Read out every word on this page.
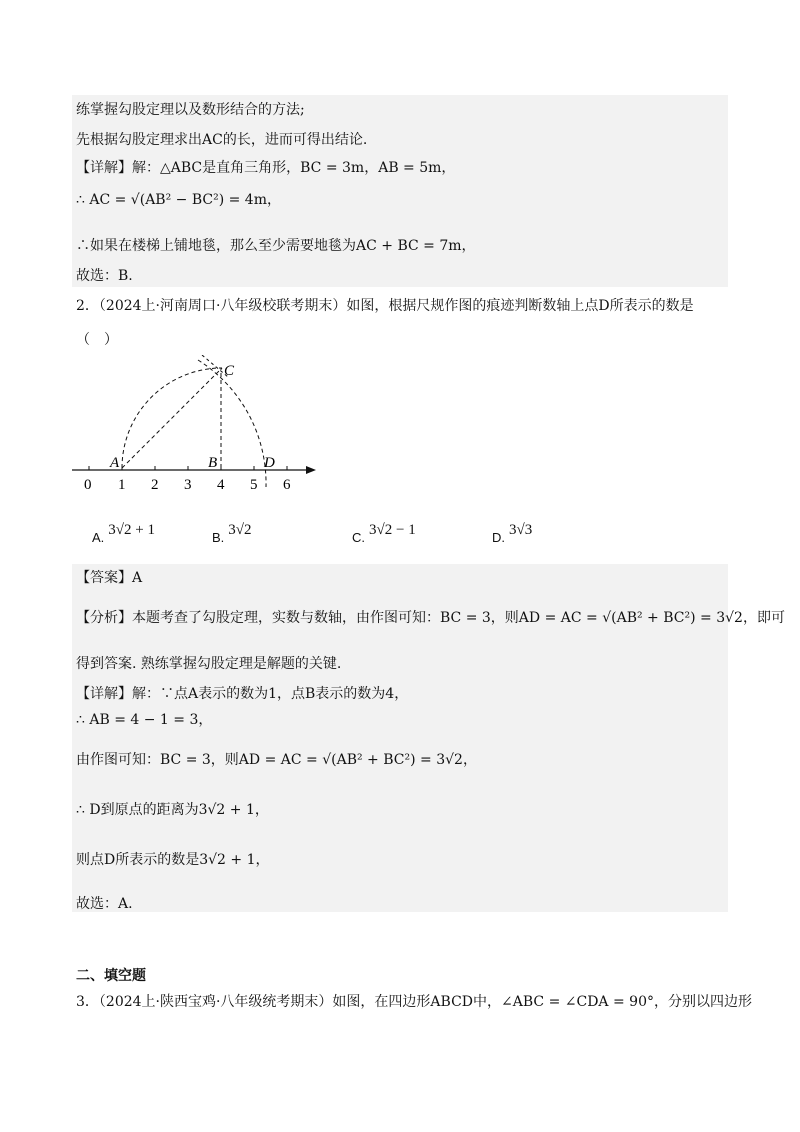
练掌握勾股定理以及数形结合的方法;
先根据勾股定理求出AC的长，进而可得出结论.
【详解】解：△ABC是直角三角形，BC = 3m，AB = 5m，
∴ AC = √(AB² − BC²) = 4m，
∴如果在楼梯上铺地毯，那么至少需要地毯为AC + BC = 7m，
故选：B.
2．（2024上·河南周口·八年级校联考期末）如图，根据尺规作图的痕迹判断数轴上点D所表示的数是
（　）
C
A	B	D
0 1 2 3 4 5 6
A. 3√2 + 1	B. 3√2	C. 3√2 − 1	D. 3√3
【答案】A
【分析】本题考查了勾股定理，实数与数轴，由作图可知：BC = 3，则AD = AC = √(AB² + BC²) = 3√2，即可
得到答案. 熟练掌握勾股定理是解题的关键.
【详解】解：∵点A表示的数为1，点B表示的数为4，
∴ AB = 4 − 1 = 3，
由作图可知：BC = 3，则AD = AC = √(AB² + BC²) = 3√2，
∴ D到原点的距离为3√2 + 1，
则点D所表示的数是3√2 + 1，
故选：A.
二、填空题
3．（2024上·陕西宝鸡·八年级统考期末）如图，在四边形ABCD中，∠ABC = ∠CDA = 90°，分别以四边形
